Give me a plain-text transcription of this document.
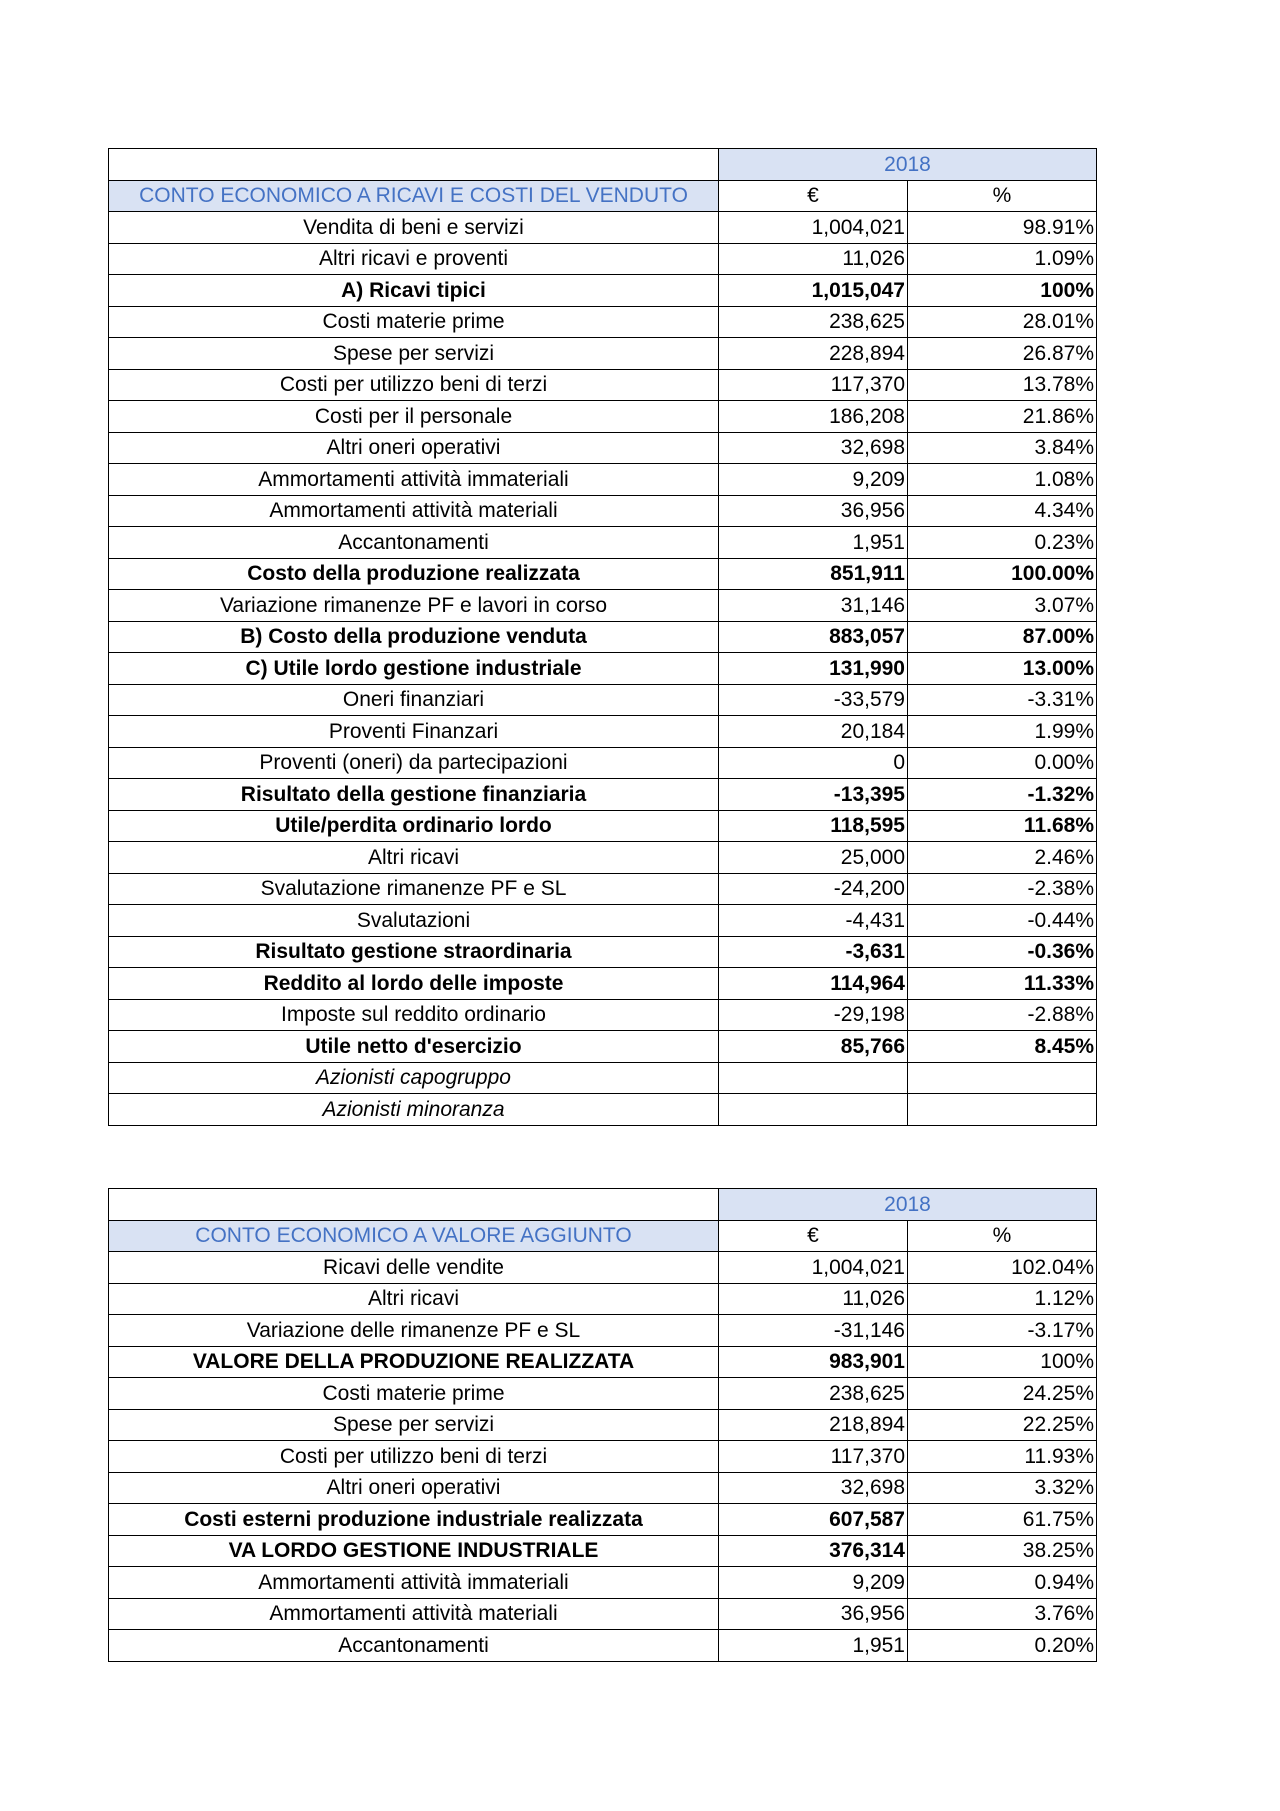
	2018	
CONTO ECONOMICO A RICAVI E COSTI DEL VENDUTO	€	%
Vendita di beni e servizi	1,004,021	98.91%
Altri ricavi e proventi	11,026	1.09%
A) Ricavi tipici	1,015,047	100%
Costi materie prime	238,625	28.01%
Spese per servizi	228,894	26.87%
Costi per utilizzo beni di terzi	117,370	13.78%
Costi per il personale	186,208	21.86%
Altri oneri operativi	32,698	3.84%
Ammortamenti attività immateriali	9,209	1.08%
Ammortamenti attività materiali	36,956	4.34%
Accantonamenti	1,951	0.23%
Costo della produzione realizzata	851,911	100.00%
Variazione rimanenze PF e lavori in corso	31,146	3.07%
B) Costo della produzione venduta	883,057	87.00%
C) Utile lordo gestione industriale	131,990	13.00%
Oneri finanziari	-33,579	-3.31%
Proventi Finanzari	20,184	1.99%
Proventi (oneri) da partecipazioni	0	0.00%
Risultato della gestione finanziaria	-13,395	-1.32%
Utile/perdita ordinario lordo	118,595	11.68%
Altri ricavi	25,000	2.46%
Svalutazione rimanenze PF e SL	-24,200	-2.38%
Svalutazioni	-4,431	-0.44%
Risultato gestione straordinaria	-3,631	-0.36%
Reddito al lordo delle imposte	114,964	11.33%
Imposte sul reddito ordinario	-29,198	-2.88%
Utile netto d'esercizio	85,766	8.45%
Azionisti capogruppo		
Azionisti minoranza		
	2018	
CONTO ECONOMICO A VALORE AGGIUNTO	€	%
Ricavi delle vendite	1,004,021	102.04%
Altri ricavi	11,026	1.12%
Variazione delle rimanenze PF e SL	-31,146	-3.17%
VALORE DELLA PRODUZIONE REALIZZATA	983,901	100%
Costi materie prime	238,625	24.25%
Spese per servizi	218,894	22.25%
Costi per utilizzo beni di terzi	117,370	11.93%
Altri oneri operativi	32,698	3.32%
Costi esterni produzione industriale realizzata	607,587	61.75%
VA LORDO GESTIONE INDUSTRIALE	376,314	38.25%
Ammortamenti attività immateriali	9,209	0.94%
Ammortamenti attività materiali	36,956	3.76%
Accantonamenti	1,951	0.20%
